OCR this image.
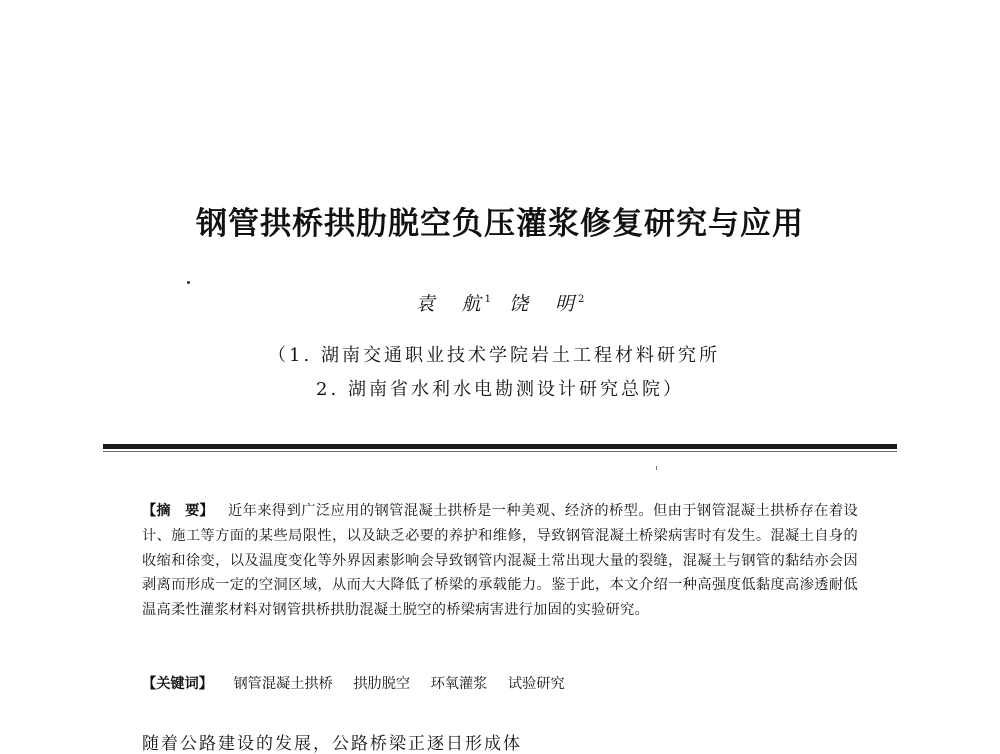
钢管拱桥拱肋脱空负压灌浆修复研究与应用
袁　航$^1$ 饶　明$^2$
（1. 湖南交通职业技术学院岩土工程材料研究所
2. 湖南省水利水电勘测设计研究总院）
【摘　要】 近年来得到广泛应用的钢管混凝土拱桥是一种美观、经济的桥型。但由于钢管混凝土拱桥存在着设计、施工等方面的某些局限性，以及缺乏必要的养护和维修，导致钢管混凝土桥梁病害时有发生。混凝土自身的收缩和徐变，以及温度变化等外界因素影响会导致钢管内混凝土常出现大量的裂缝，混凝土与钢管的黏结亦会因剥离而形成一定的空洞区域，从而大大降低了桥梁的承载能力。鉴于此，本文介绍一种高强度低黏度高渗透耐低温高柔性灌浆材料对钢管拱桥拱肋混凝土脱空的桥梁病害进行加固的实验研究。
【关键词】 钢管混凝土拱桥 拱肋脱空 环氧灌浆 试验研究
随着公路建设的发展，公路桥梁正逐日形成体
